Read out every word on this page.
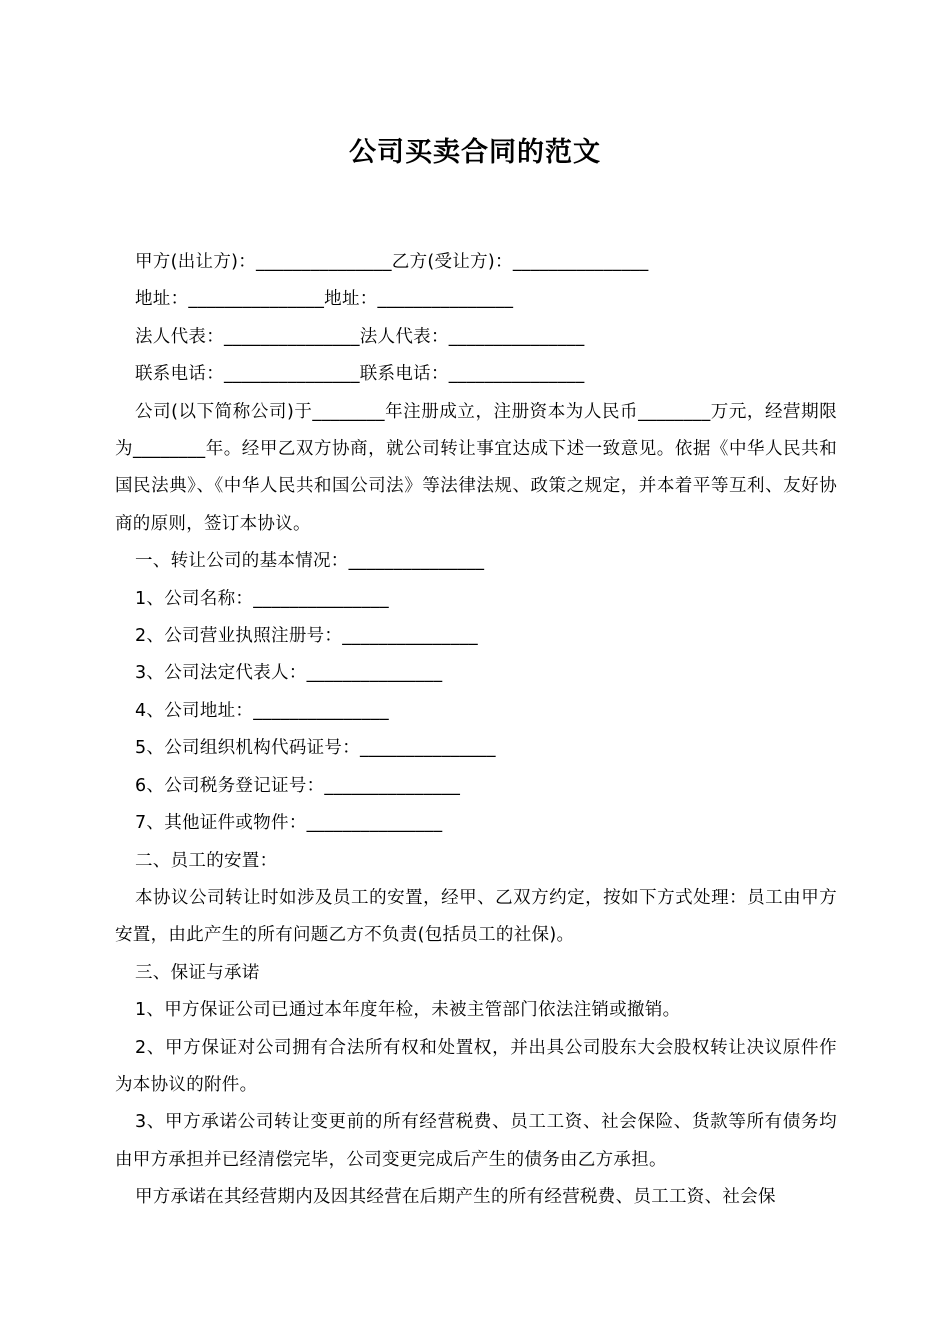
公司买卖合同的范文

甲方(出让方)：_______________乙方(受让方)：_______________

地址：_______________地址：_______________

法人代表：_______________法人代表：_______________

联系电话：_______________联系电话：_______________

公司(以下简称公司)于________年注册成立，注册资本为人民币________万元，经营期限为________年。经甲乙双方协商，就公司转让事宜达成下述一致意见。依据《中华人民共和国民法典》、《中华人民共和国公司法》等法律法规、政策之规定，并本着平等互利、友好协商的原则，签订本协议。

一、转让公司的基本情况：_______________

1、公司名称：_______________

2、公司营业执照注册号：_______________

3、公司法定代表人：_______________

4、公司地址：_______________

5、公司组织机构代码证号：_______________

6、公司税务登记证号：_______________

7、其他证件或物件：_______________

二、员工的安置：

本协议公司转让时如涉及员工的安置，经甲、乙双方约定，按如下方式处理：员工由甲方安置，由此产生的所有问题乙方不负责(包括员工的社保)。

三、保证与承诺

1、甲方保证公司已通过本年度年检，未被主管部门依法注销或撤销。

2、甲方保证对公司拥有合法所有权和处置权，并出具公司股东大会股权转让决议原件作为本协议的附件。

3、甲方承诺公司转让变更前的所有经营税费、员工工资、社会保险、货款等所有债务均由甲方承担并已经清偿完毕，公司变更完成后产生的债务由乙方承担。

甲方承诺在其经营期内及因其经营在后期产生的所有经营税费、员工工资、社会保
